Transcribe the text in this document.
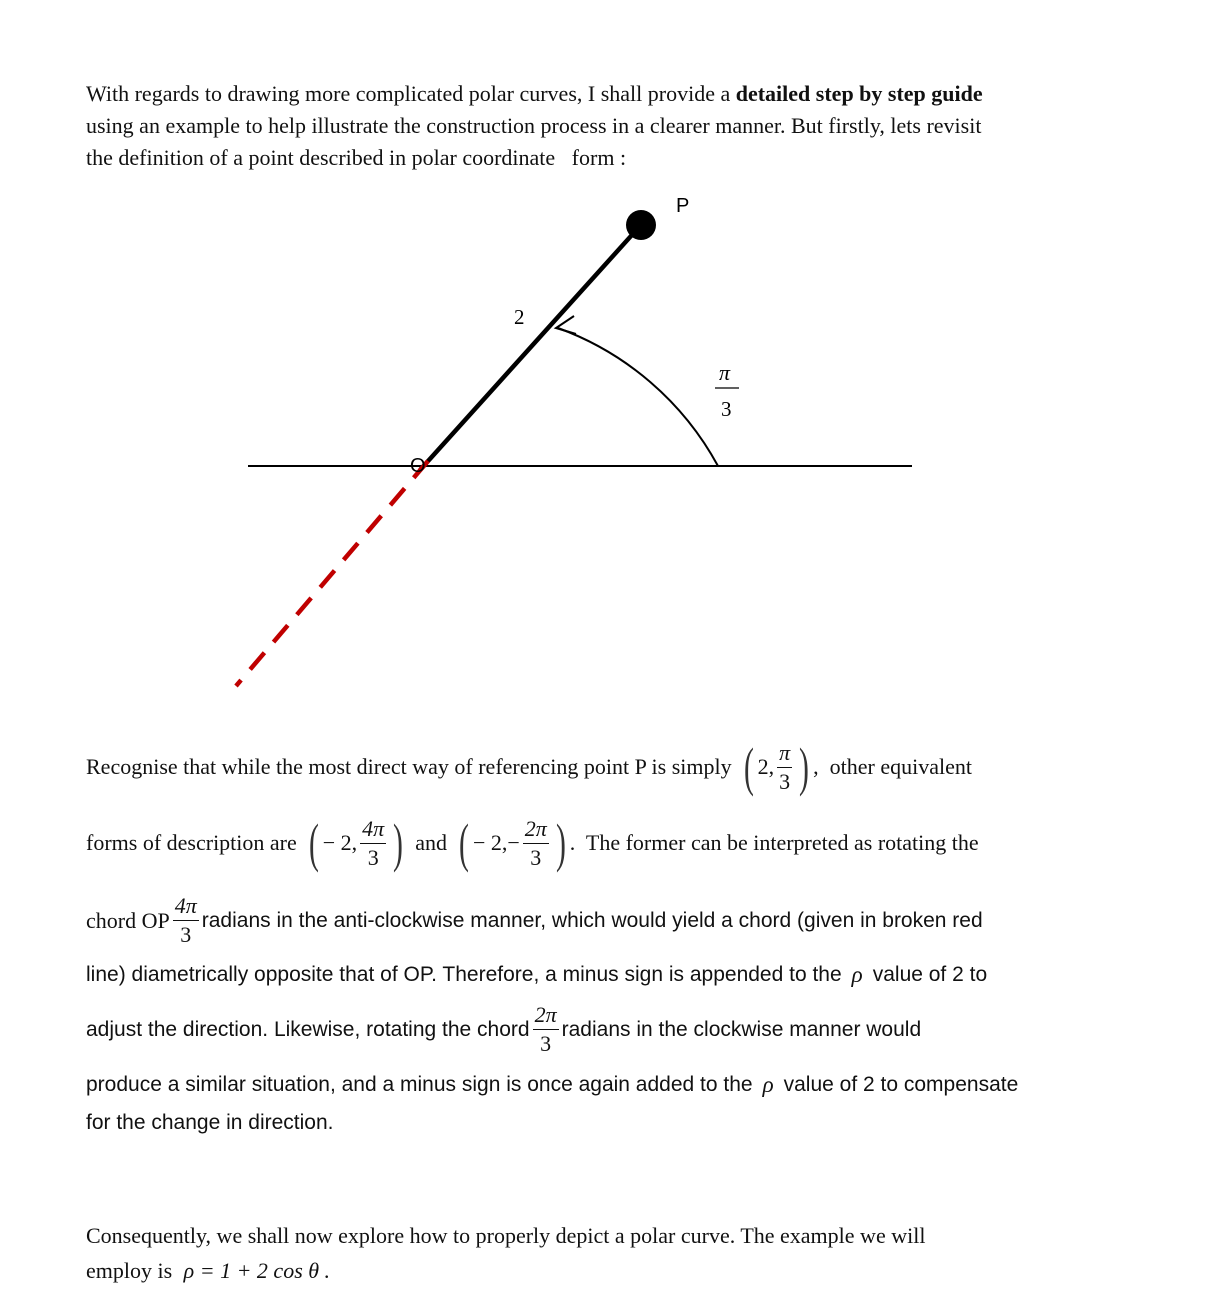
With regards to drawing more complicated polar curves, I shall provide a detailed step by step guide
using an example to help illustrate the construction process in a clearer manner. But firstly, lets revisit
the definition of a point described in polar coordinate   form :
P
O
2
π
3
Recognise that while the most direct way of referencing point P is simply ( 2, $\frac{\pi}{3}$ ) ,  other equivalent
forms of description are ( − 2, $\frac{4\pi}{3}$ ) and ( − $2,- \frac{2\pi}{3}$ ) .  The former can be interpreted as rotating the
chord OP $\frac{4\pi}{3}$ radians in the anti-clockwise manner, which would yield a chord (given in broken red
line) diametrically opposite that of OP. Therefore, a minus sign is appended to the ρ value of 2 to
adjust the direction. Likewise, rotating the chord $\frac{2\pi}{3}$ radians in the clockwise manner would
produce a similar situation, and a minus sign is once again added to the ρ value of 2 to compensate
for the change in direction.
Consequently, we shall now explore how to properly depict a polar curve. The example we will
employ is ρ = 1 + 2 cos θ .
